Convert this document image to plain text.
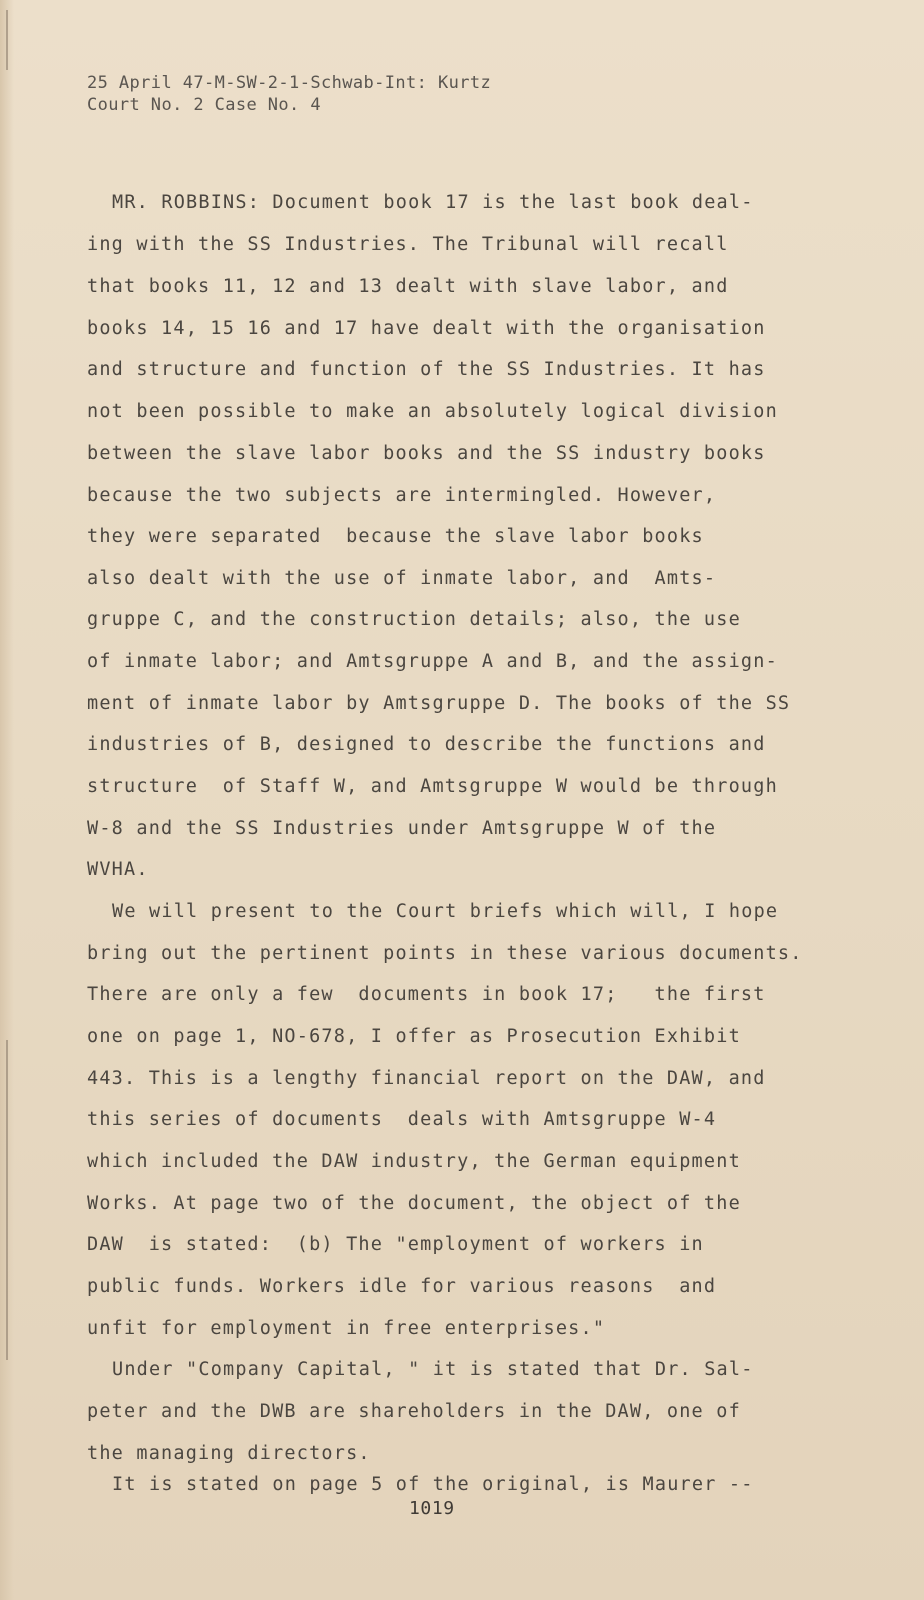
25 April 47-M-SW-2-1-Schwab-Int: Kurtz
Court No. 2 Case No. 4
MR. ROBBINS: Document book 17 is the last book deal-
ing with the SS Industries. The Tribunal will recall
that books 11, 12 and 13 dealt with slave labor, and
books 14, 15 16 and 17 have dealt with the organisation
and structure and function of the SS Industries. It has
not been possible to make an absolutely logical division
between the slave labor books and the SS industry books
because the two subjects are intermingled. However,
they were separated  because the slave labor books
also dealt with the use of inmate labor, and  Amts-
gruppe C, and the construction details; also, the use
of inmate labor; and Amtsgruppe A and B, and the assign-
ment of inmate labor by Amtsgruppe D. The books of the SS
industries of B, designed to describe the functions and
structure  of Staff W, and Amtsgruppe W would be through
W-8 and the SS Industries under Amtsgruppe W of the
WVHA.
We will present to the Court briefs which will, I hope
bring out the pertinent points in these various documents.
There are only a few  documents in book 17;   the first
one on page 1, NO-678, I offer as Prosecution Exhibit
443. This is a lengthy financial report on the DAW, and
this series of documents  deals with Amtsgruppe W-4
which included the DAW industry, the German equipment
Works. At page two of the document, the object of the
DAW  is stated:  (b) The "employment of workers in
public funds. Workers idle for various reasons  and
unfit for employment in free enterprises."
Under "Company Capital, " it is stated that Dr. Sal-
peter and the DWB are shareholders in the DAW, one of
the managing directors.
It is stated on page 5 of the original, is Maurer --
1019
